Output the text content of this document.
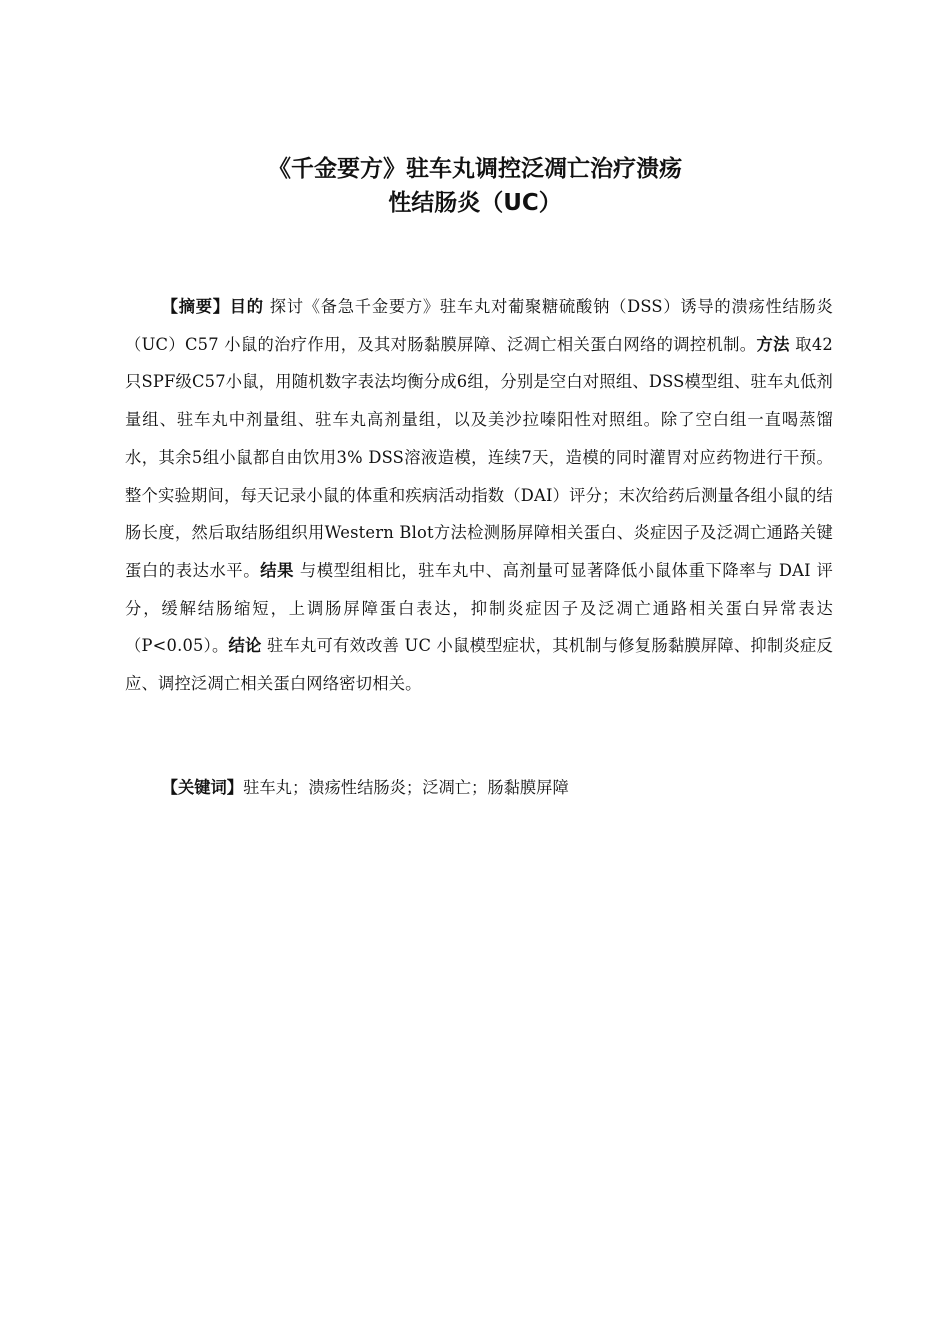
《千金要方》驻车丸调控泛凋亡治疗溃疡
性结肠炎（UC）
【摘要】目的 探讨《备急千金要方》驻车丸对葡聚糖硫酸钠（DSS）诱导的溃疡性结肠炎（UC）C57 小鼠的治疗作用，及其对肠黏膜屏障、泛凋亡相关蛋白网络的调控机制。方法 取42只SPF级C57小鼠，用随机数字表法均衡分成6组，分别是空白对照组、DSS模型组、驻车丸低剂量组、驻车丸中剂量组、驻车丸高剂量组，以及美沙拉嗪阳性对照组。除了空白组一直喝蒸馏水，其余5组小鼠都自由饮用3% DSS溶液造模，连续7天，造模的同时灌胃对应药物进行干预。整个实验期间，每天记录小鼠的体重和疾病活动指数（DAI）评分；末次给药后测量各组小鼠的结肠长度，然后取结肠组织用Western Blot方法检测肠屏障相关蛋白、炎症因子及泛凋亡通路关键蛋白的表达水平。结果 与模型组相比，驻车丸中、高剂量可显著降低小鼠体重下降率与 DAI 评分，缓解结肠缩短，上调肠屏障蛋白表达，抑制炎症因子及泛凋亡通路相关蛋白异常表达（P<0.05）。结论 驻车丸可有效改善 UC 小鼠模型症状，其机制与修复肠黏膜屏障、抑制炎症反应、调控泛凋亡相关蛋白网络密切相关。
【关键词】驻车丸；溃疡性结肠炎；泛凋亡；肠黏膜屏障
